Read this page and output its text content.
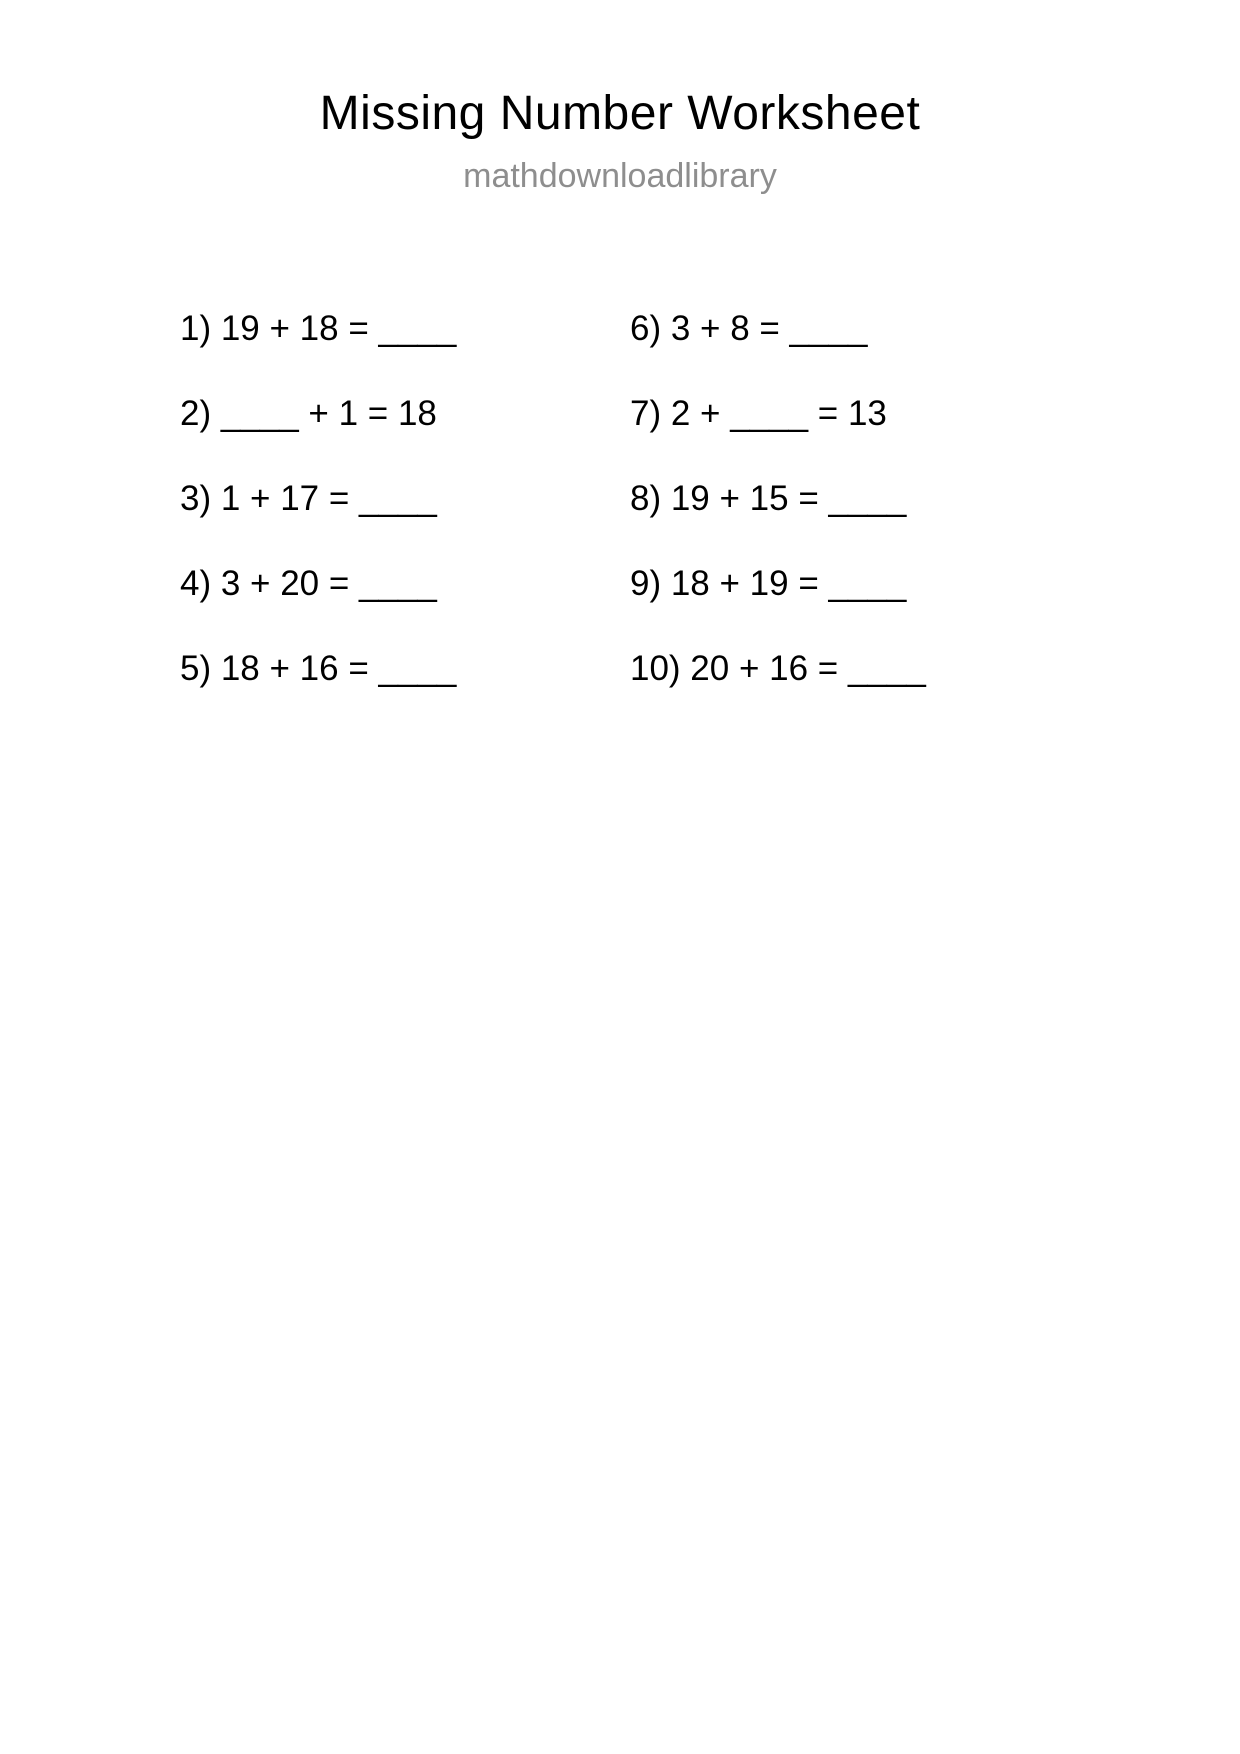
Missing Number Worksheet
mathdownloadlibrary
1) 19 + 18 = ____
2) ____ + 1 = 18
3) 1 + 17 = ____
4) 3 + 20 = ____
5) 18 + 16 = ____
6) 3 + 8 = ____
7) 2 + ____ = 13
8) 19 + 15 = ____
9) 18 + 19 = ____
10) 20 + 16 = ____
